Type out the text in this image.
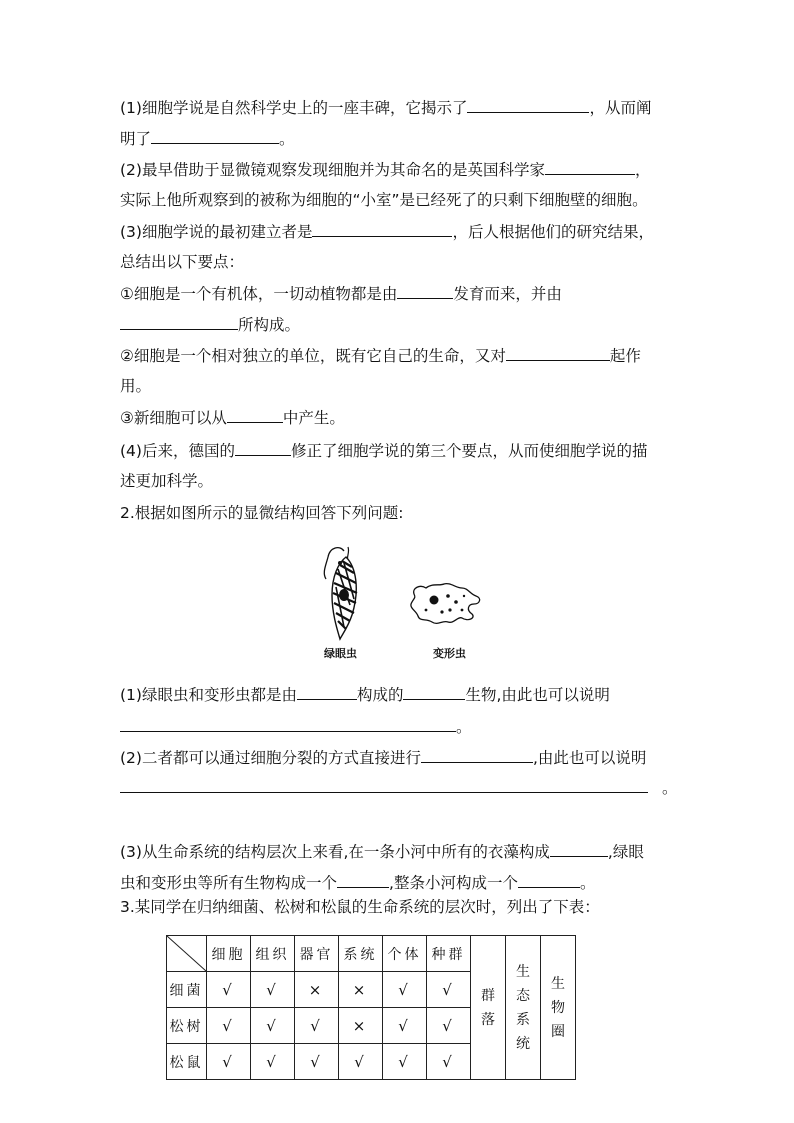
(1)细胞学说是自然科学史上的一座丰碑，它揭示了	，从而阐
明了	。
(2)最早借助于显微镜观察发现细胞并为其命名的是英国科学家	，
实际上他所观察到的被称为细胞的“小室”是已经死了的只剩下细胞壁的细胞。
(3)细胞学说的最初建立者是	，后人根据他们的研究结果，
总结出以下要点：
①细胞是一个有机体，一切动植物都是由	发育而来，并由
所构成。
②细胞是一个相对独立的单位，既有它自己的生命，又对	起作
用。
③新细胞可以从	中产生。
(4)后来，德国的	修正了细胞学说的第三个要点，从而使细胞学说的描
述更加科学。
2.根据如图所示的显微结构回答下列问题:
绿眼虫	变形虫
(1)绿眼虫和变形虫都是由	构成的	生物,由此也可以说明
。
(2)二者都可以通过细胞分裂的方式直接进行	,由此也可以说明
。
(3)从生命系统的结构层次上来看,在一条小河中所有的衣藻构成	,绿眼
虫和变形虫等所有生物构成一个	,整条小河构成一个	。
3.某同学在归纳细菌、松树和松鼠的生命系统的层次时，列出了下表：
	细胞	组织	器官	系统	个体	种群	群落	生态系统	生物圈
细菌	√	√	×	×	√	√			
松树	√	√	√	×	√	√			
松鼠	√	√	√	√	√	√			
